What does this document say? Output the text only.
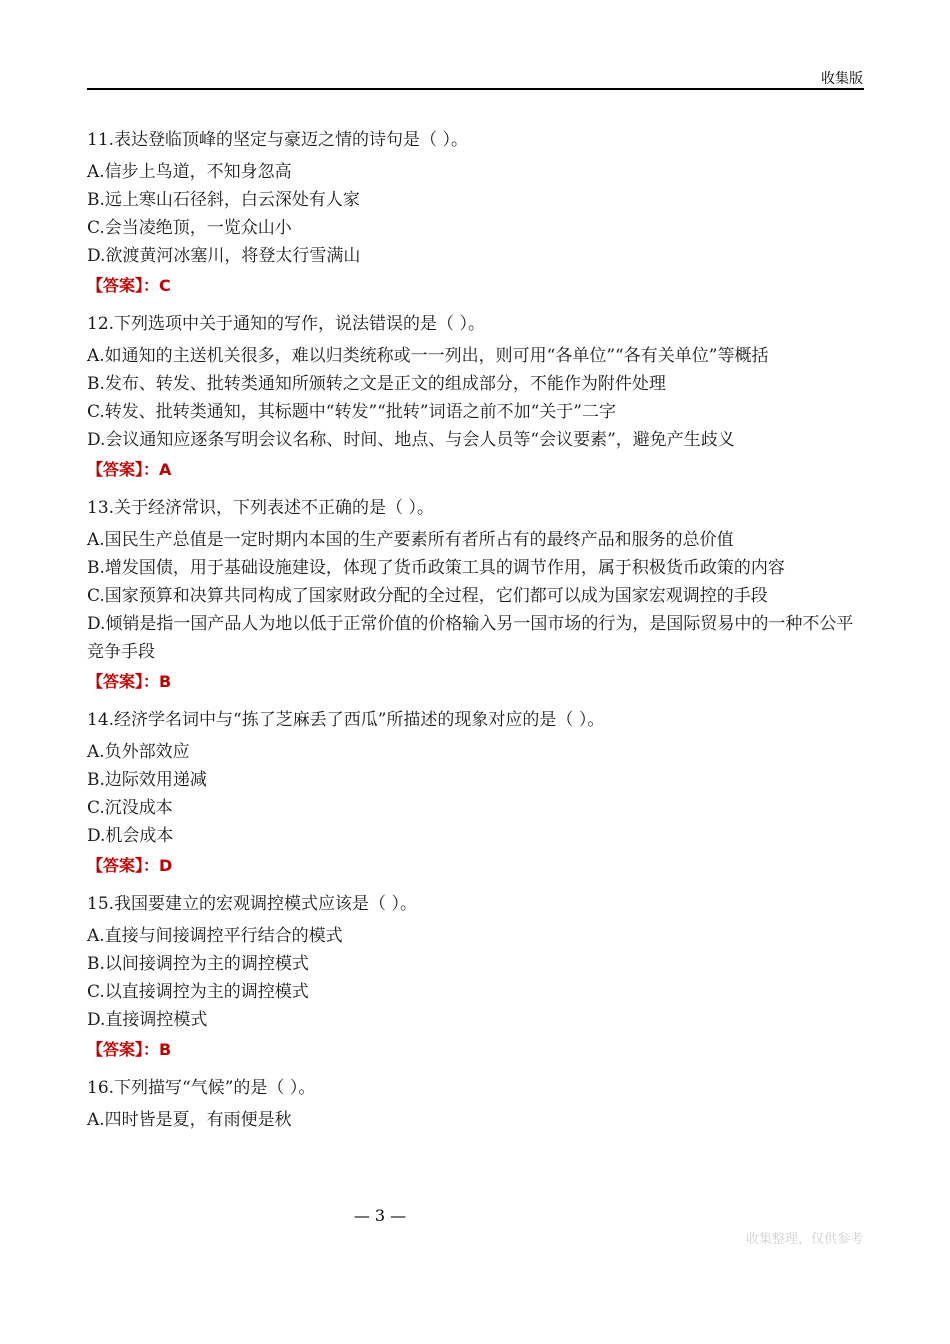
收集版
11.表达登临顶峰的坚定与豪迈之情的诗句是（ ）。
A.信步上鸟道，不知身忽高
B.远上寒山石径斜，白云深处有人家
C.会当凌绝顶，一览众山小
D.欲渡黄河冰塞川，将登太行雪满山
【答案】：C
12.下列选项中关于通知的写作，说法错误的是（ ）。
A.如通知的主送机关很多，难以归类统称或一一列出，则可用“各单位”“各有关单位”等概括
B.发布、转发、批转类通知所颁转之文是正文的组成部分，不能作为附件处理
C.转发、批转类通知，其标题中“转发”“批转”词语之前不加“关于”二字
D.会议通知应逐条写明会议名称、时间、地点、与会人员等“会议要素”，避免产生歧义
【答案】：A
13.关于经济常识，下列表述不正确的是（ ）。
A.国民生产总值是一定时期内本国的生产要素所有者所占有的最终产品和服务的总价值
B.增发国债，用于基础设施建设，体现了货币政策工具的调节作用，属于积极货币政策的内容
C.国家预算和决算共同构成了国家财政分配的全过程，它们都可以成为国家宏观调控的手段
D.倾销是指一国产品人为地以低于正常价值的价格输入另一国市场的行为，是国际贸易中的一种不公平竞争手段
【答案】：B
14.经济学名词中与“拣了芝麻丢了西瓜”所描述的现象对应的是（ ）。
A.负外部效应
B.边际效用递减
C.沉没成本
D.机会成本
【答案】：D
15.我国要建立的宏观调控模式应该是（ ）。
A.直接与间接调控平行结合的模式
B.以间接调控为主的调控模式
C.以直接调控为主的调控模式
D.直接调控模式
【答案】：B
16.下列描写“气候”的是（ ）。
A.四时皆是夏，有雨便是秋
— 3 —
收集整理，仅供参考
